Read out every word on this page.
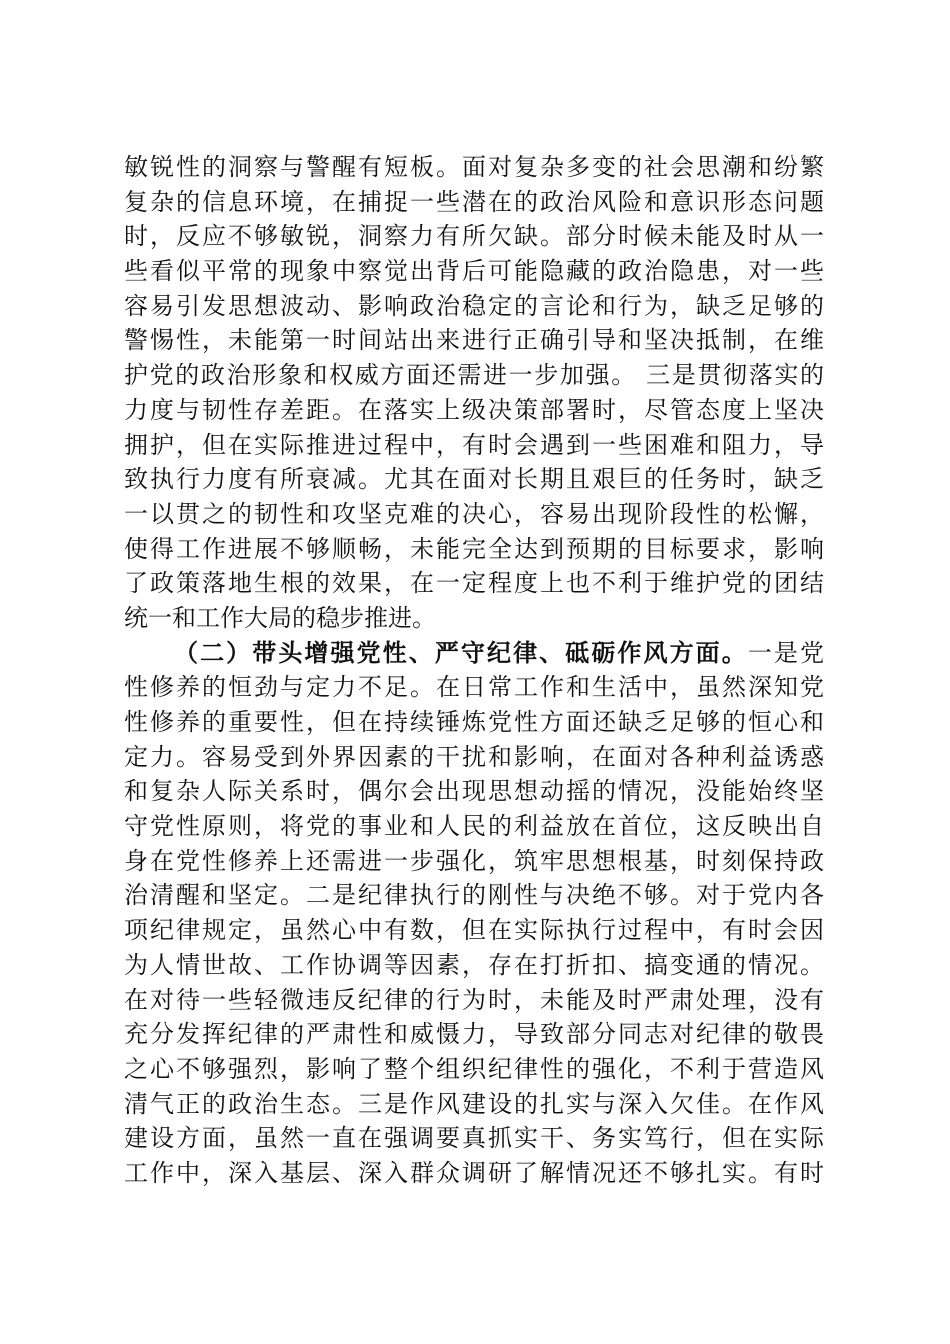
敏锐性的洞察与警醒有短板。面对复杂多变的社会思潮和纷繁
复杂的信息环境，在捕捉一些潜在的政治风险和意识形态问题
时，反应不够敏锐，洞察力有所欠缺。部分时候未能及时从一
些看似平常的现象中察觉出背后可能隐藏的政治隐患，对一些
容易引发思想波动、影响政治稳定的言论和行为，缺乏足够的
警惕性，未能第一时间站出来进行正确引导和坚决抵制，在维
护党的政治形象和权威方面还需进一步加强。 三是贯彻落实的
力度与韧性存差距。在落实上级决策部署时，尽管态度上坚决
拥护，但在实际推进过程中，有时会遇到一些困难和阻力，导
致执行力度有所衰减。尤其在面对长期且艰巨的任务时，缺乏
一以贯之的韧性和攻坚克难的决心，容易出现阶段性的松懈，
使得工作进展不够顺畅，未能完全达到预期的目标要求，影响
了政策落地生根的效果，在一定程度上也不利于维护党的团结
统一和工作大局的稳步推进。
（二）带头增强党性、严守纪律、砥砺作风方面。一是党
性修养的恒劲与定力不足。在日常工作和生活中，虽然深知党
性修养的重要性，但在持续锤炼党性方面还缺乏足够的恒心和
定力。容易受到外界因素的干扰和影响，在面对各种利益诱惑
和复杂人际关系时，偶尔会出现思想动摇的情况，没能始终坚
守党性原则，将党的事业和人民的利益放在首位，这反映出自
身在党性修养上还需进一步强化，筑牢思想根基，时刻保持政
治清醒和坚定。二是纪律执行的刚性与决绝不够。对于党内各
项纪律规定，虽然心中有数，但在实际执行过程中，有时会因
为人情世故、工作协调等因素，存在打折扣、搞变通的情况。
在对待一些轻微违反纪律的行为时，未能及时严肃处理，没有
充分发挥纪律的严肃性和威慑力，导致部分同志对纪律的敬畏
之心不够强烈，影响了整个组织纪律性的强化，不利于营造风
清气正的政治生态。三是作风建设的扎实与深入欠佳。在作风
建设方面，虽然一直在强调要真抓实干、务实笃行，但在实际
工作中，深入基层、深入群众调研了解情况还不够扎实。有时
